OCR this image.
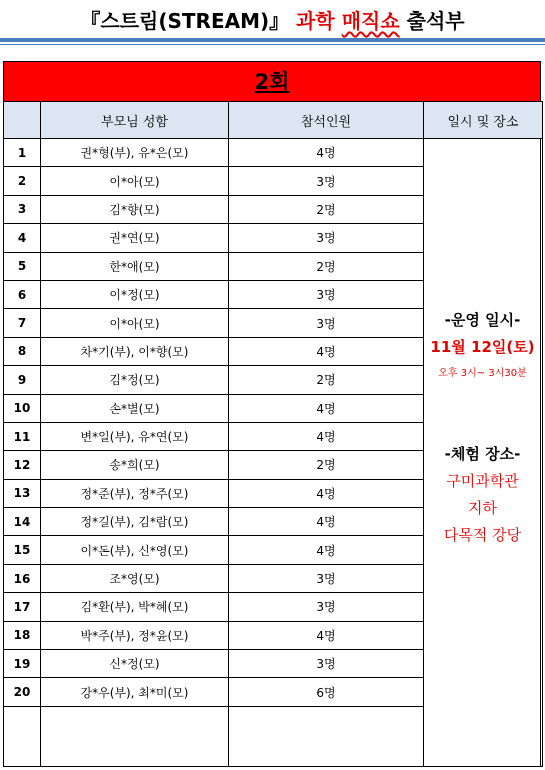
『스트림(STREAM)』 과학 매직쇼 출석부
2회
	부모님 성함	참석인원	일시 및 장소
1	권*형(부), 유*은(모)	4명	
2	이*아(모)	3명	
3	김*향(모)	2명	
4	권*연(모)	3명	
5	한*애(모)	2명	
6	이*정(모)	3명	
7	이*아(모)	3명	
8	차*기(부), 이*향(모)	4명	
9	김*정(모)	2명	
10	손*별(모)	4명	
11	변*일(부), 유*연(모)	4명	
12	송*희(모)	2명	
13	정*준(부), 정*주(모)	4명	
14	정*길(부), 김*람(모)	4명	
15	이*돈(부), 신*영(모)	4명	
16	조*영(모)	3명	
17	김*환(부), 박*혜(모)	3명	
18	박*주(부), 정*윤(모)	4명	
19	신*정(모)	3명	
20	강*우(부), 최*미(모)	6명	

-운영 일시-
11월 12일(토)
오후 3시~ 3시30분
-체험 장소-
구미과학관
지하
다목적 강당
